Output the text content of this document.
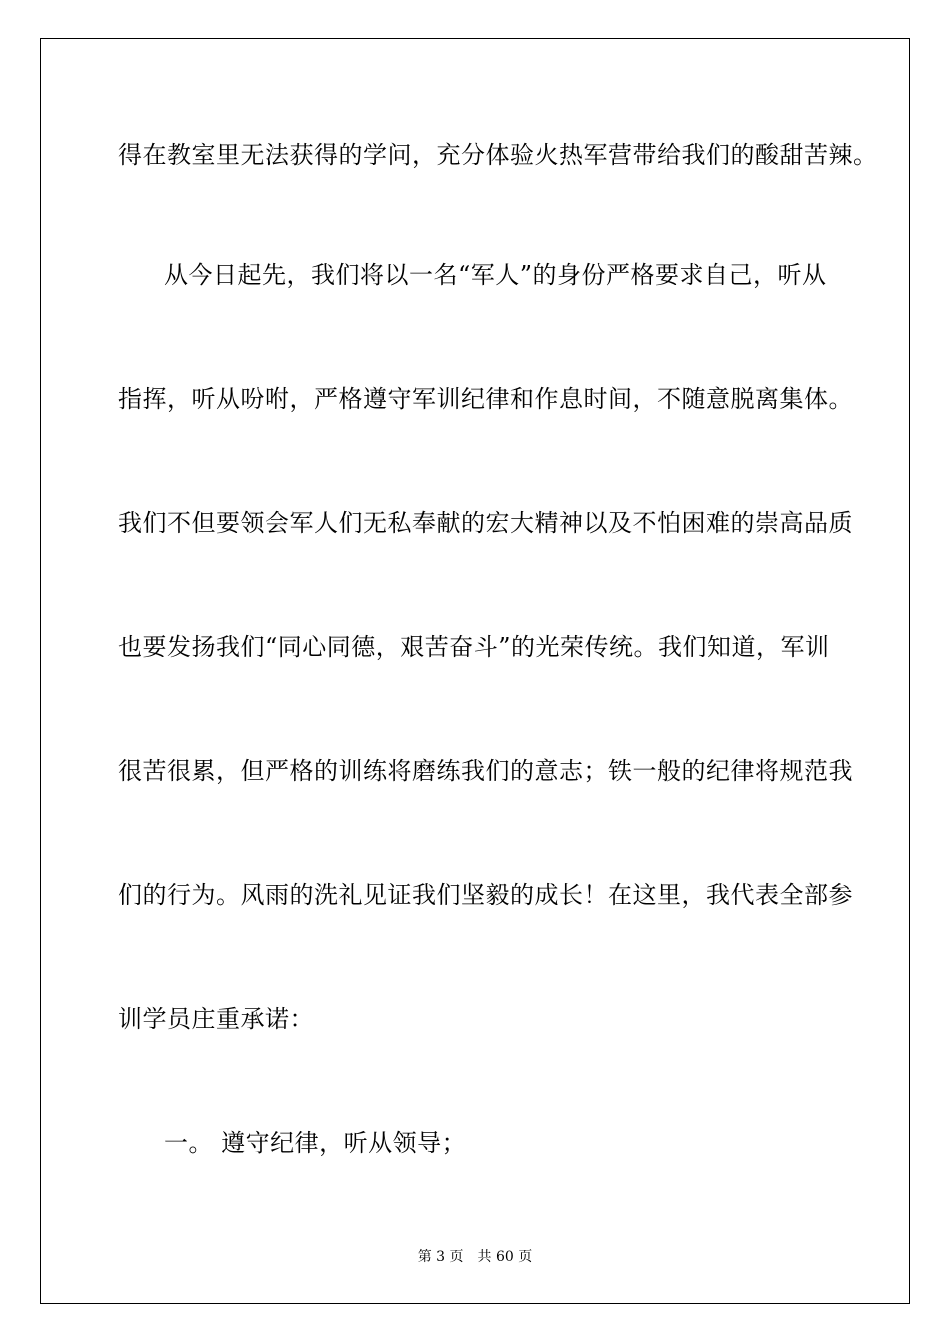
得在教室里无法获得的学问，充分体验火热军营带给我们的酸甜苦辣。
从今日起先，我们将以一名“军人”的身份严格要求自己，听从
指挥，听从吩咐，严格遵守军训纪律和作息时间，不随意脱离集体。
我们不但要领会军人们无私奉献的宏大精神以及不怕困难的崇高品质
也要发扬我们“同心同德，艰苦奋斗”的光荣传统。我们知道，军训
很苦很累，但严格的训练将磨练我们的意志；铁一般的纪律将规范我
们的行为。风雨的洗礼见证我们坚毅的成长！在这里，我代表全部参
训学员庄重承诺：
一。 遵守纪律，听从领导；
第 3 页 共 60 页
